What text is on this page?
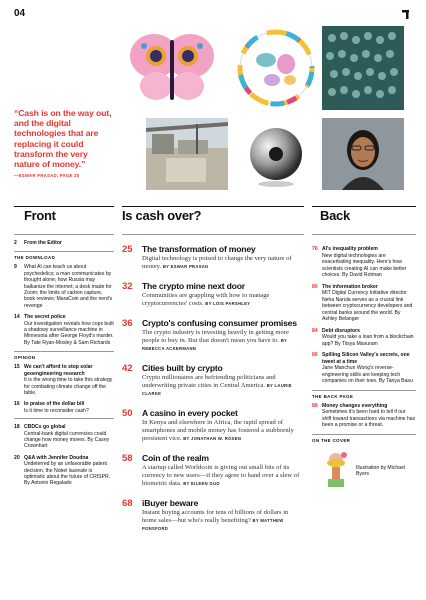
04
“Cash is on the way out, and the digital technologies that are replacing it could transform the very nature of money.”
—ESWAR PRASAD, PAGE 25
Front	Is cash over?	Back
2 From the Editor
THE DOWNLOAD
9 What AI can teach us about psychedelics; a man communicates by thought alone; how Russia may balkanize the internet; a desk made for Zoom; the limits of carbon capture, book reviews; MaraCoin and the nerd's revenge
14 The secret police
Our investigation reveals how cops built a shadowy surveillance machine in Minnesota after George Floyd's murder. By Tate Ryan-Mosley & Sam Richards
OPINION
15 We can't afford to stop solar geoengineering research
It is the wrong time to take this strategy for combating climate change off the table.
16 In praise of the dollar bill
Is it time to reconsider cash?
18 CBDCs go global
Central-bank digital currencies could change how money moves. By Casey Crownhart
20 Q&A with Jennifer Doudna
Undeterred by an unfavorable patent decision, the Nobel laureate is optimistic about the future of CRISPR. By Antonio Regalado
25 The transformation of money
Digital technology is poised to change the very nature of money. BY ESWAR PRASAD
32 The crypto mine next door
Communities are grappling with how to manage cryptocurrencies' costs. BY LOIS PARSHLEY
36 Crypto's confusing consumer promises
The crypto industry is investing heavily in getting more people to buy in. But that doesn't mean you have to. BY REBECCA ACKERMANN
42 Cities built by crypto
Crypto millionaires are befriending politicians and underwriting private cities in Central America. BY LAURIE CLARKE
50 A casino in every pocket
In Kenya and elsewhere in Africa, the rapid spread of smartphones and mobile money has fostered a stubbornly persistent vice. BY JONATHAN W. ROSEN
58 Coin of the realm
A startup called Worldcoin is giving out small bits of its currency to new users—if they agree to hand over a slew of biometric data. BY EILEEN GUO
68 iBuyer beware
Instant buying accounts for tens of billions of dollars in home sales—but who's really benefiting? BY MATTHEW PONSFORD
76 AI's inequality problem
New digital technologies are exacerbating inequality. Here's how scientists creating AI can make better choices. By David Rotman
80 The information broker
MIT Digital Currency Initiative director Neha Narula serves as a crucial link between cryptocurrency developers and central banks around the world. By Ashley Belanger
84 Debt disruptors
Would you take a loan from a blockchain app? By Tiisya Mavuram
86 Spilling Silicon Valley's secrets, one tweet at a time
Jane Manchun Wong's reverse-engineering skills are keeping tech companies on their toes. By Tanya Basu
THE BACK PAGE
88 Money changes everything
Sometimes it's been hard to tell if our shift toward transactions via machine has been a promise or a threat.
ON THE COVER
Illustration by Michael Byers
